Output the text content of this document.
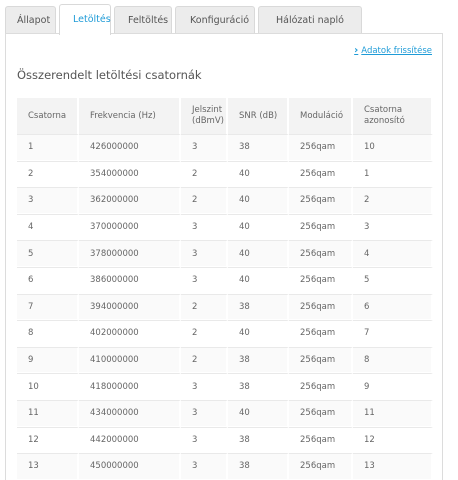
Állapot	Letöltés	Feltöltés	Konfiguráció	Hálózati napló
› Adatok frissítése
Összerendelt letöltési csatornák
Csatorna	Frekvencia (Hz)	Jelszint (dBmV)	SNR (dB)	Moduláció	Csatorna azonosító
1	426000000	3	38	256qam	10
2	354000000	2	40	256qam	1
3	362000000	2	40	256qam	2
4	370000000	3	40	256qam	3
5	378000000	3	40	256qam	4
6	386000000	3	40	256qam	5
7	394000000	2	38	256qam	6
8	402000000	2	40	256qam	7
9	410000000	2	38	256qam	8
10	418000000	3	38	256qam	9
11	434000000	3	40	256qam	11
12	442000000	3	38	256qam	12
13	450000000	3	38	256qam	13
